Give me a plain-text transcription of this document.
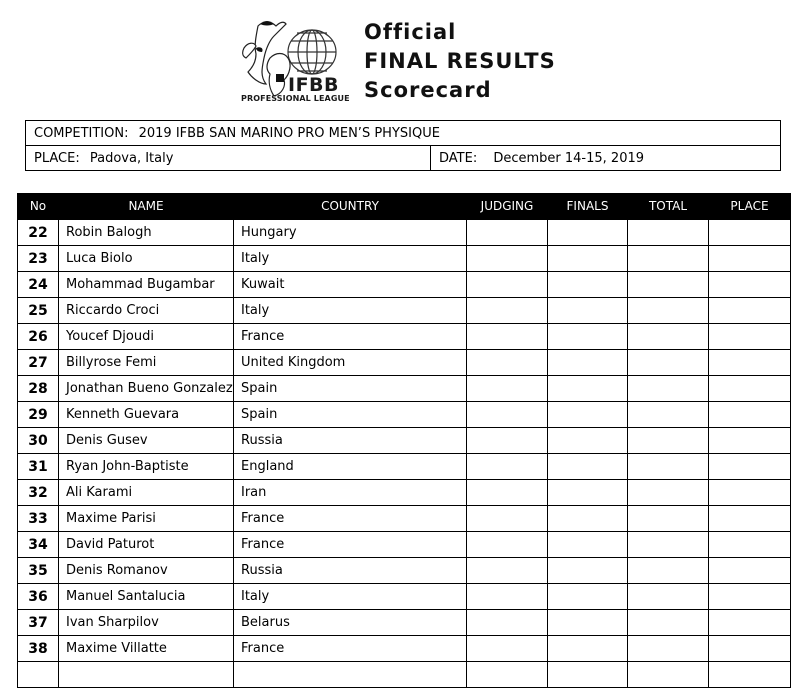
IFBB
PROFESSIONAL LEAGUE
Official
FINAL RESULTS
Scorecard
COMPETITION: 2019 IFBB SAN MARINO PRO MEN’S PHYSIQUE
PLACE: Padova, Italy	DATE: December 14-15, 2019
No	NAME	COUNTRY	JUDGING	FINALS	TOTAL	PLACE
22	Robin Balogh	Hungary				
23	Luca Biolo	Italy				
24	Mohammad Bugambar	Kuwait				
25	Riccardo Croci	Italy				
26	Youcef Djoudi	France				
27	Billyrose Femi	United Kingdom				
28	Jonathan Bueno Gonzalez	Spain				
29	Kenneth Guevara	Spain				
30	Denis Gusev	Russia				
31	Ryan John-Baptiste	England				
32	Ali Karami	Iran				
33	Maxime Parisi	France				
34	David Paturot	France				
35	Denis Romanov	Russia				
36	Manuel Santalucia	Italy				
37	Ivan Sharpilov	Belarus				
38	Maxime Villatte	France				
